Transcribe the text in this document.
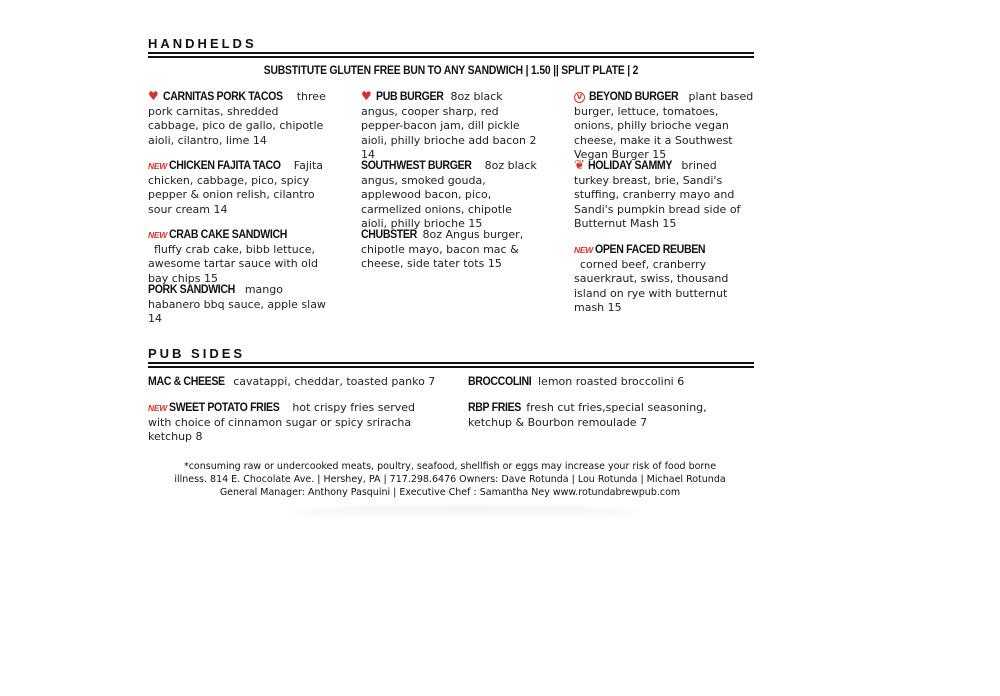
HANDHELDS
SUBSTITUTE GLUTEN FREE BUN TO ANY SANDWICH | 1.50 || SPLIT PLATE | 2
♥ CARNITAS PORK TACOS three pork carnitas, shredded cabbage, pico de gallo, chipotle aioli, cilantro, lime 14
NEW CHICKEN FAJITA TACO Fajita chicken, cabbage, pico, spicy pepper & onion relish, cilantro sour cream 14
NEW CRAB CAKE SANDWICHfluffy crab cake, bibb lettuce, awesome tartar sauce with old bay chips 15
PORK SANDWICH mango habanero bbq sauce, apple slaw 14
♥ PUB BURGER 8oz black angus, cooper sharp, red pepper-bacon jam, dill pickle aioli, philly brioche add bacon 2 14
SOUTHWEST BURGER 8oz black angus, smoked gouda, applewood bacon, pico, carmelized onions, chipotle aioli, philly brioche 15
CHUBSTER 8oz Angus burger, chipotle mayo, bacon mac & cheese, side tater tots 15
V BEYOND BURGER plant based burger, lettuce, tomatoes, onions, philly brioche vegan cheese, make it a Southwest Vegan Burger 15
❦ HOLIDAY SAMMY brined turkey breast, brie, Sandi's stuffing, cranberry mayo and Sandi's pumpkin bread side of Butternut Mash 15
NEW OPEN FACED REUBENcorned beef, cranberry sauerkraut, swiss, thousand island on rye with butternut mash 15
PUB SIDES
MAC & CHEESE cavatappi, cheddar, toasted panko 7
NEW SWEET POTATO FRIES hot crispy fries served with choice of cinnamon sugar or spicy sriracha ketchup 8
BROCCOLINI lemon roasted broccolini 6
RBP FRIES fresh cut fries,special seasoning, ketchup & Bourbon remoulade 7
*consuming raw or undercooked meats, poultry, seafood, shellfish or eggs may increase your risk of food borne illness. 814 E. Chocolate Ave. | Hershey, PA | 717.298.6476 Owners: Dave Rotunda | Lou Rotunda | Michael Rotunda General Manager: Anthony Pasquini | Executive Chef : Samantha Ney www.rotundabrewpub.com
